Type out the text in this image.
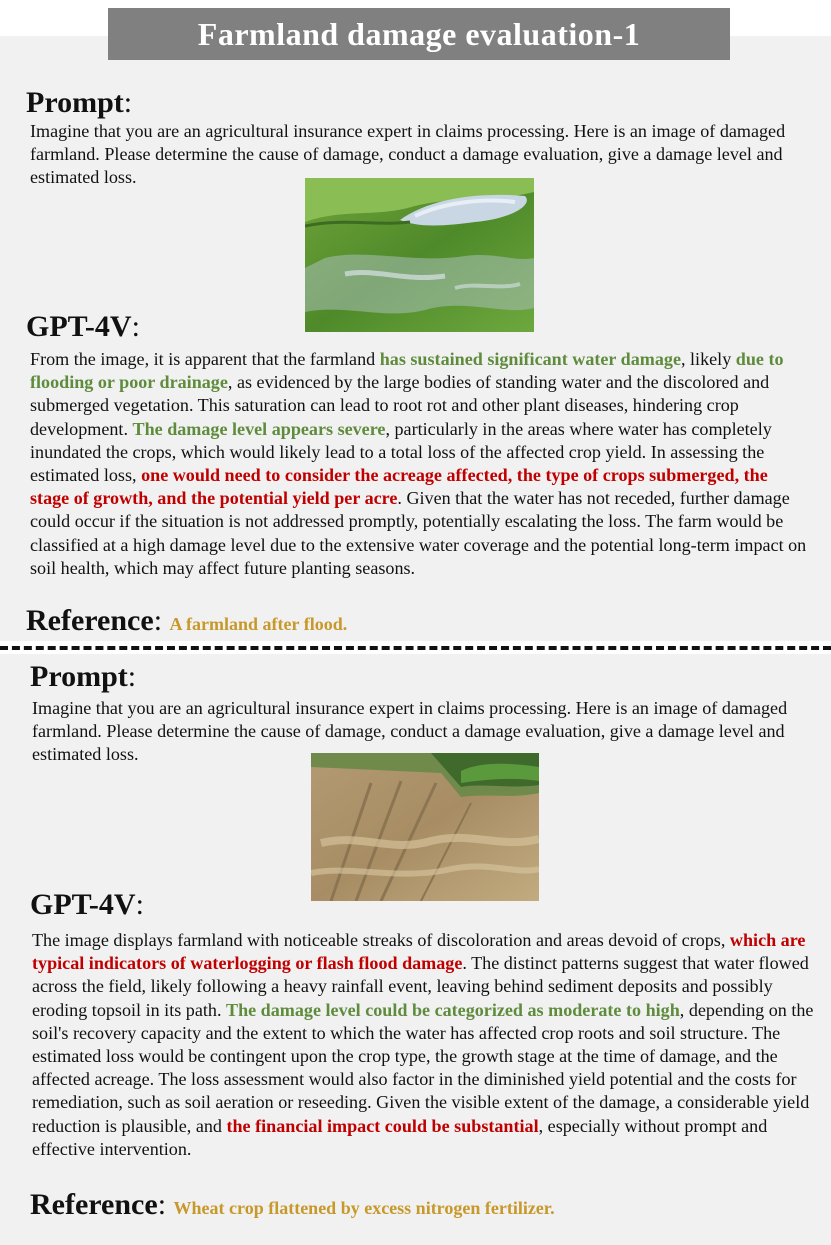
Farmland damage evaluation-1
Prompt:
Imagine that you are an agricultural insurance expert in claims processing. Here is an image of damaged farmland. Please determine the cause of damage, conduct a damage evaluation, give a damage level and estimated loss.
GPT-4V:
From the image, it is apparent that the farmland has sustained significant water damage, likely due to flooding or poor drainage, as evidenced by the large bodies of standing water and the discolored and submerged vegetation. This saturation can lead to root rot and other plant diseases, hindering crop development. The damage level appears severe, particularly in the areas where water has completely inundated the crops, which would likely lead to a total loss of the affected crop yield. In assessing the estimated loss, one would need to consider the acreage affected, the type of crops submerged, the stage of growth, and the potential yield per acre. Given that the water has not receded, further damage could occur if the situation is not addressed promptly, potentially escalating the loss. The farm would be classified at a high damage level due to the extensive water coverage and the potential long-term impact on soil health, which may affect future planting seasons.
Reference: A farmland after flood.
Prompt:
Imagine that you are an agricultural insurance expert in claims processing. Here is an image of damaged farmland. Please determine the cause of damage, conduct a damage evaluation, give a damage level and estimated loss.
GPT-4V:
The image displays farmland with noticeable streaks of discoloration and areas devoid of crops, which are typical indicators of waterlogging or flash flood damage. The distinct patterns suggest that water flowed across the field, likely following a heavy rainfall event, leaving behind sediment deposits and possibly eroding topsoil in its path. The damage level could be categorized as moderate to high, depending on the soil's recovery capacity and the extent to which the water has affected crop roots and soil structure. The estimated loss would be contingent upon the crop type, the growth stage at the time of damage, and the affected acreage. The loss assessment would also factor in the diminished yield potential and the costs for remediation, such as soil aeration or reseeding. Given the visible extent of the damage, a considerable yield reduction is plausible, and the financial impact could be substantial, especially without prompt and effective intervention.
Reference: Wheat crop flattened by excess nitrogen fertilizer.
